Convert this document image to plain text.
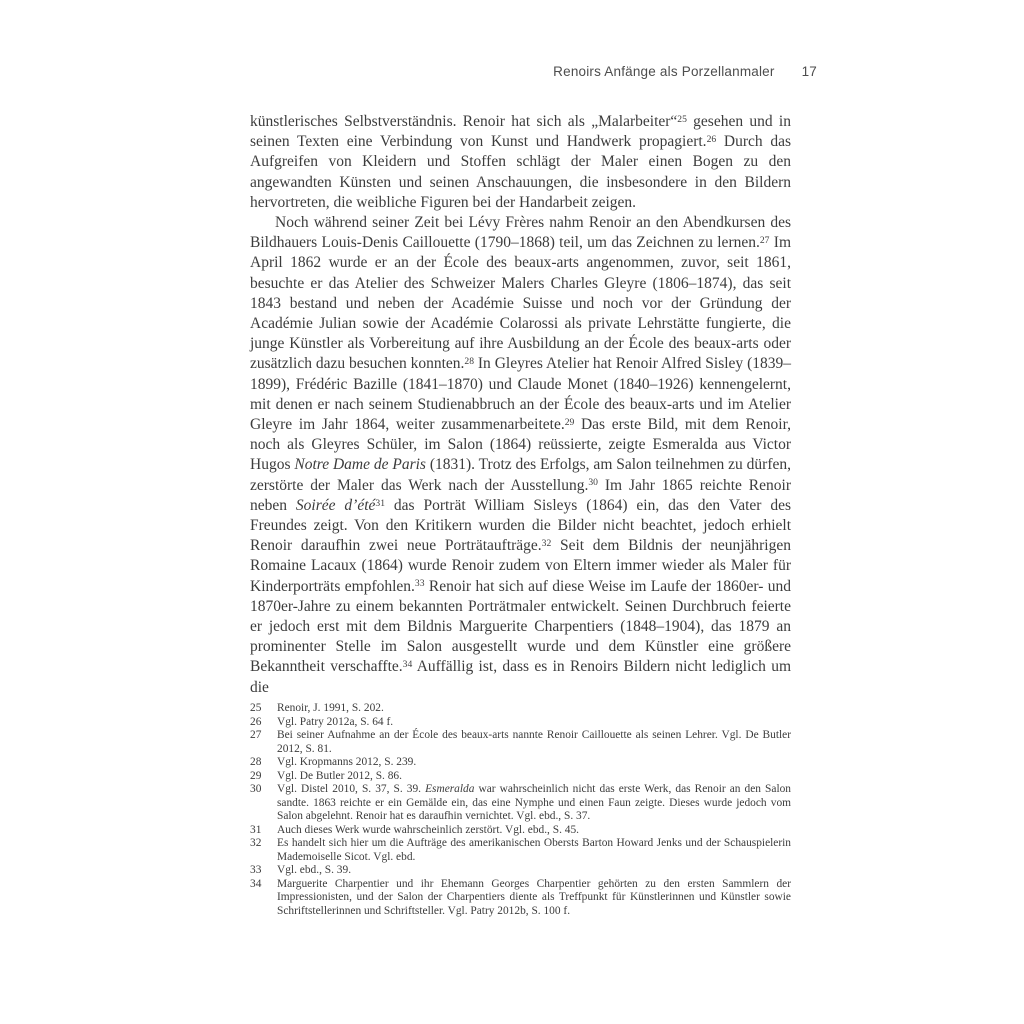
Renoirs Anfänge als Porzellanmaler 17

künstlerisches Selbstverständnis. Renoir hat sich als „Malarbeiter“$^{25}$ gesehen und in seinen Texten eine Verbindung von Kunst und Handwerk propagiert.$^{26}$ Durch das Aufgreifen von Kleidern und Stoffen schlägt der Maler einen Bogen zu den angewandten Künsten und seinen Anschauungen, die insbesondere in den Bildern hervortreten, die weibliche Figuren bei der Handarbeit zeigen.

Noch während seiner Zeit bei Lévy Frères nahm Renoir an den Abendkursen des Bildhauers Louis-Denis Caillouette (1790–1868) teil, um das Zeichnen zu lernen.$^{27}$ Im April 1862 wurde er an der École des beaux-arts angenommen, zuvor, seit 1861, besuchte er das Atelier des Schweizer Malers Charles Gleyre (1806–1874), das seit 1843 bestand und neben der Académie Suisse und noch vor der Gründung der Académie Julian sowie der Académie Colarossi als private Lehrstätte fungierte, die junge Künstler als Vorbereitung auf ihre Ausbildung an der École des beaux-arts oder zusätzlich dazu besuchen konnten.$^{28}$ In Gleyres Atelier hat Renoir Alfred Sisley (1839–1899), Frédéric Bazille (1841–1870) und Claude Monet (1840–1926) kennengelernt, mit denen er nach seinem Studienabbruch an der École des beaux-arts und im Atelier Gleyre im Jahr 1864, weiter zusammenarbeitete.$^{29}$ Das erste Bild, mit dem Renoir, noch als Gleyres Schüler, im Salon (1864) reüssierte, zeigte Esmeralda aus Victor Hugos Notre Dame de Paris (1831). Trotz des Erfolgs, am Salon teilnehmen zu dürfen, zerstörte der Maler das Werk nach der Ausstellung.$^{30}$ Im Jahr 1865 reichte Renoir neben Soirée d’été$^{31}$ das Porträt William Sisleys (1864) ein, das den Vater des Freundes zeigt. Von den Kritikern wurden die Bilder nicht beachtet, jedoch erhielt Renoir daraufhin zwei neue Porträtaufträge.$^{32}$ Seit dem Bildnis der neunjährigen Romaine Lacaux (1864) wurde Renoir zudem von Eltern immer wieder als Maler für Kinderporträts empfohlen.$^{33}$ Renoir hat sich auf diese Weise im Laufe der 1860er- und 1870er-Jahre zu einem bekannten Porträtmaler entwickelt. Seinen Durchbruch feierte er jedoch erst mit dem Bildnis Marguerite Charpentiers (1848–1904), das 1879 an prominenter Stelle im Salon ausgestellt wurde und dem Künstler eine größere Bekanntheit verschaffte.$^{34}$ Auffällig ist, dass es in Renoirs Bildern nicht lediglich um die

25	Renoir, J. 1991, S. 202.
26	Vgl. Patry 2012a, S. 64 f.
27	Bei seiner Aufnahme an der École des beaux-arts nannte Renoir Caillouette als seinen Lehrer. Vgl. De Butler 2012, S. 81.
28	Vgl. Kropmanns 2012, S. 239.
29	Vgl. De Butler 2012, S. 86.
30	Vgl. Distel 2010, S. 37, S. 39. Esmeralda war wahrscheinlich nicht das erste Werk, das Renoir an den Salon sandte. 1863 reichte er ein Gemälde ein, das eine Nymphe und einen Faun zeigte. Dieses wurde jedoch vom Salon abgelehnt. Renoir hat es daraufhin vernichtet. Vgl. ebd., S. 37.
31	Auch dieses Werk wurde wahrscheinlich zerstört. Vgl. ebd., S. 45.
32	Es handelt sich hier um die Aufträge des amerikanischen Obersts Barton Howard Jenks und der Schauspielerin Mademoiselle Sicot. Vgl. ebd.
33	Vgl. ebd., S. 39.
34	Marguerite Charpentier und ihr Ehemann Georges Charpentier gehörten zu den ersten Sammlern der Impressionisten, und der Salon der Charpentiers diente als Treffpunkt für Künstlerinnen und Künstler sowie Schriftstellerinnen und Schriftsteller. Vgl. Patry 2012b, S. 100 f.
